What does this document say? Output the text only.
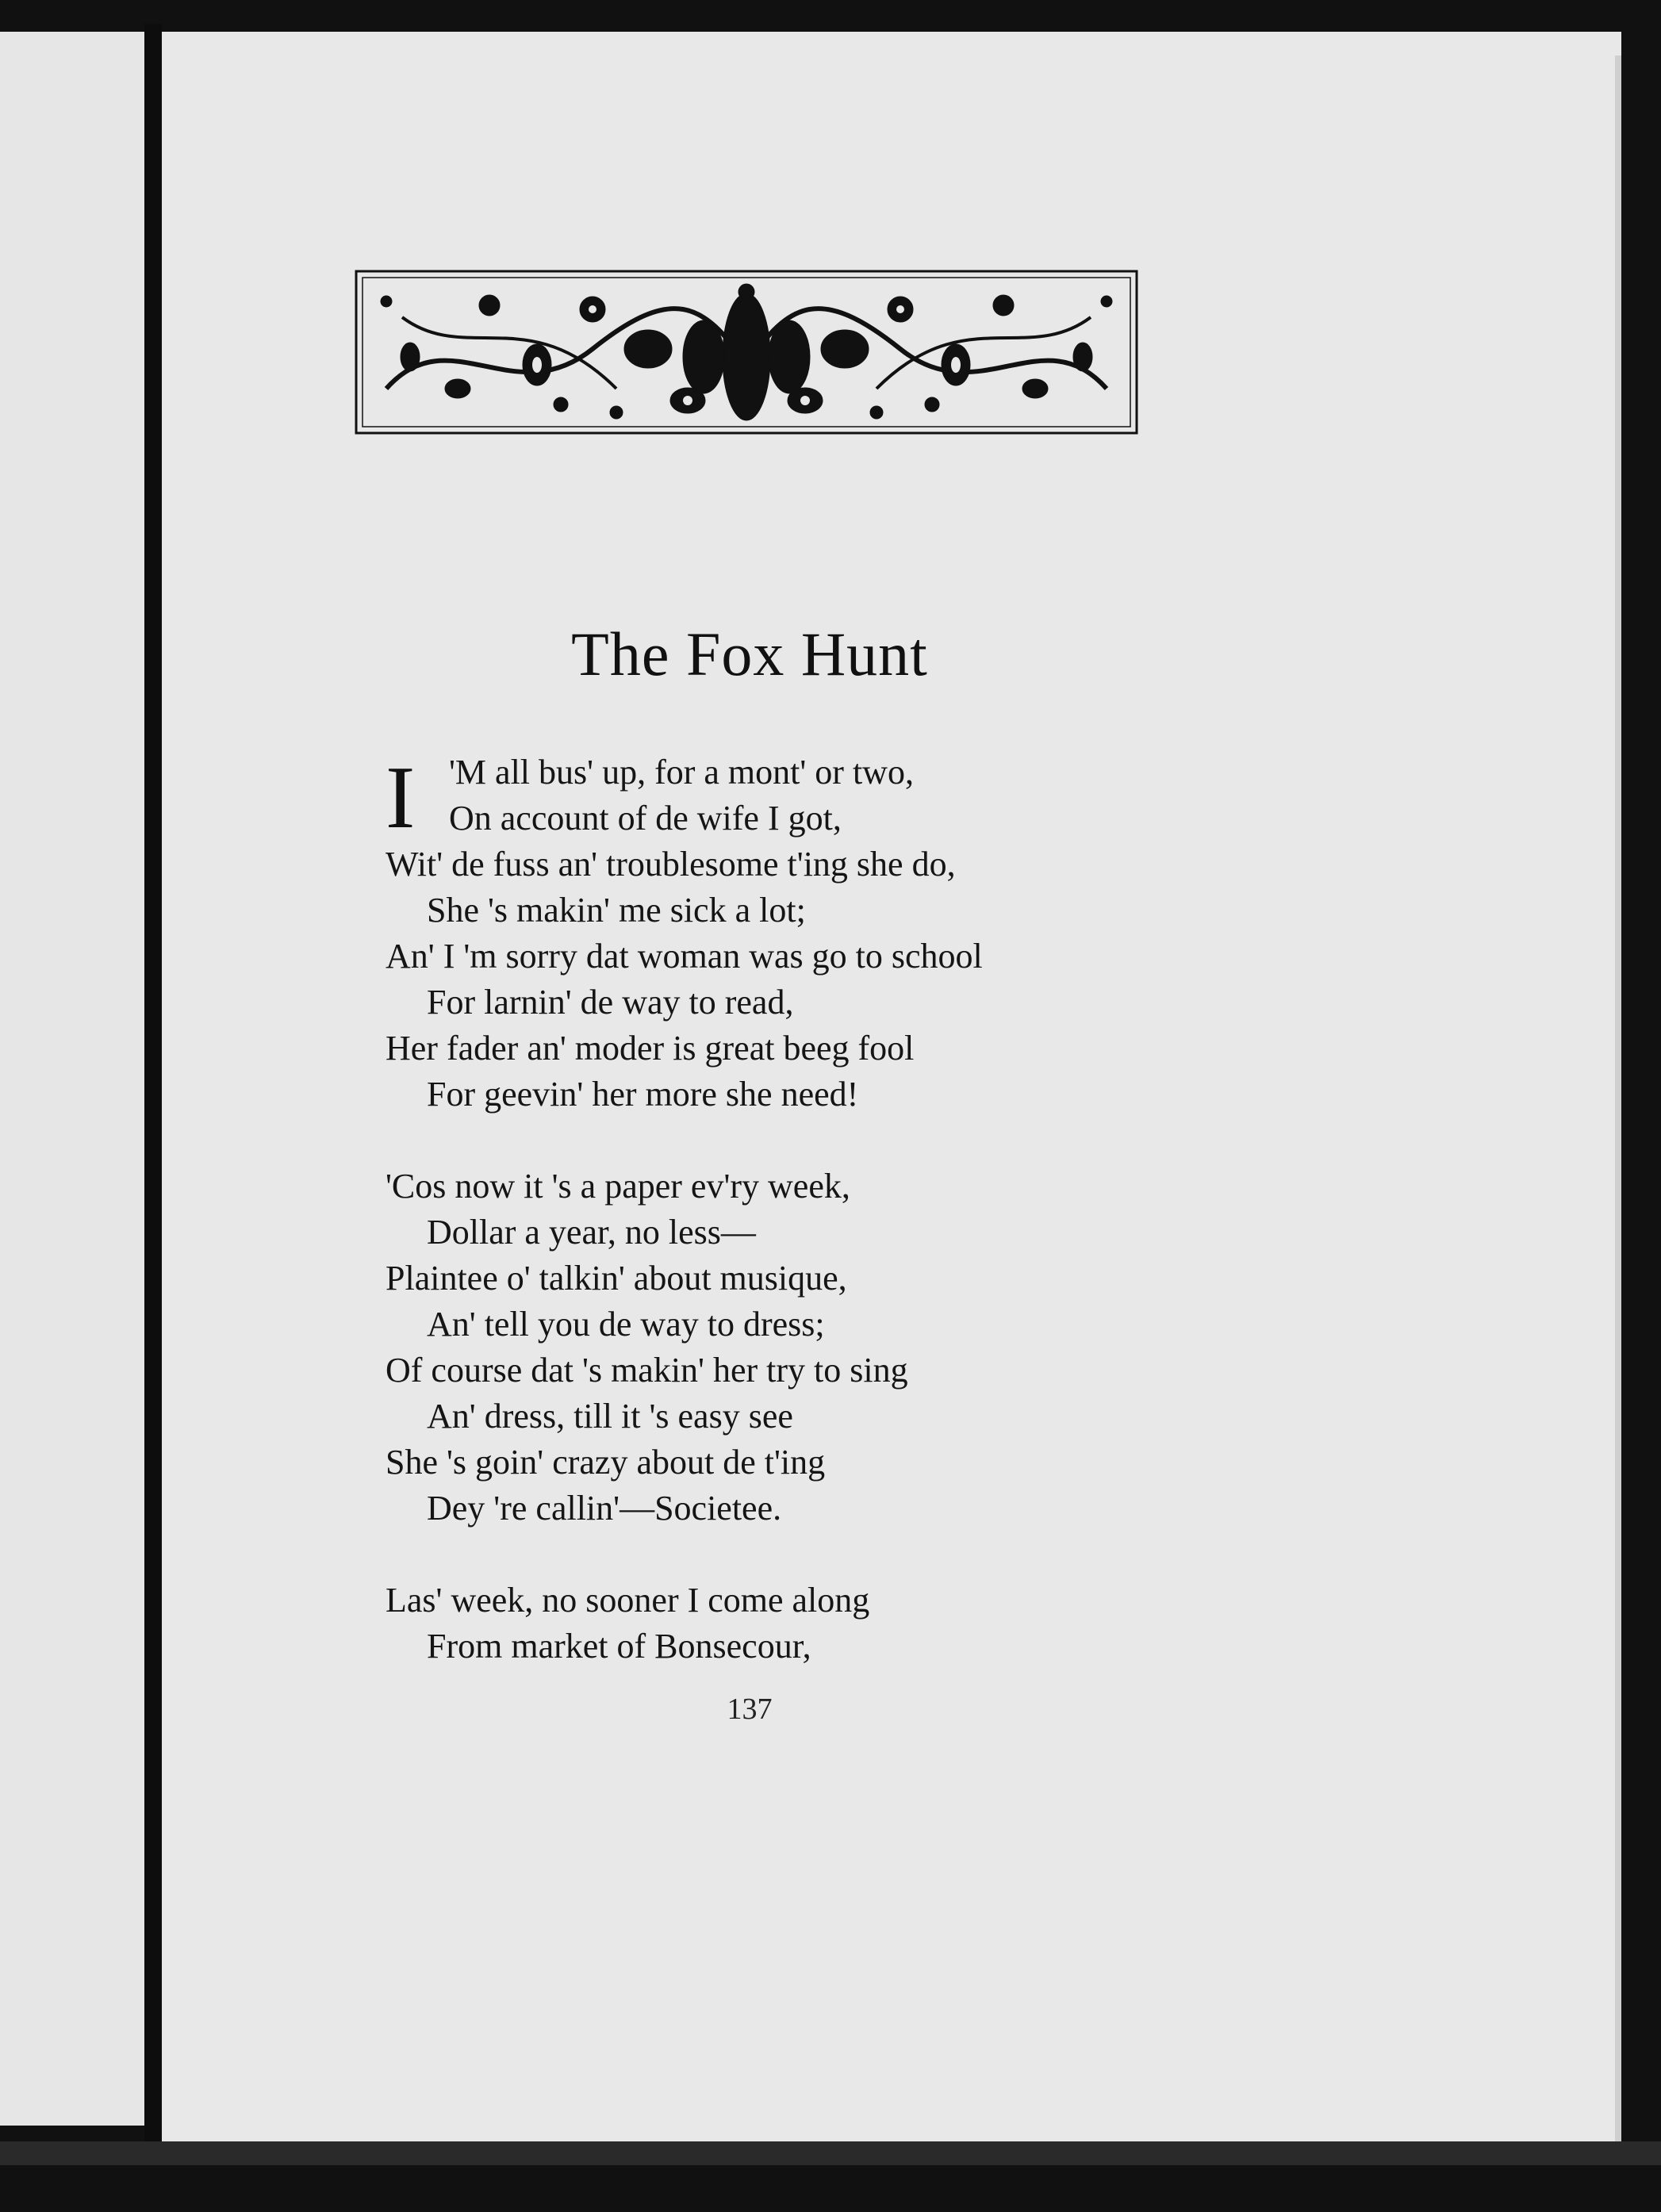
The Fox Hunt
I 'M all bus' up, for a mont' or two,
On account of de wife I got,
Wit' de fuss an' troublesome t'ing she do,
She 's makin' me sick a lot;
An' I 'm sorry dat woman was go to school
For larnin' de way to read,
Her fader an' moder is great beeg fool
For geevin' her more she need!
'Cos now it 's a paper ev'ry week,
Dollar a year, no less—
Plaintee o' talkin' about musique,
An' tell you de way to dress;
Of course dat 's makin' her try to sing
An' dress, till it 's easy see
She 's goin' crazy about de t'ing
Dey 're callin'—Societee.
Las' week, no sooner I come along
From market of Bonsecour,
137
